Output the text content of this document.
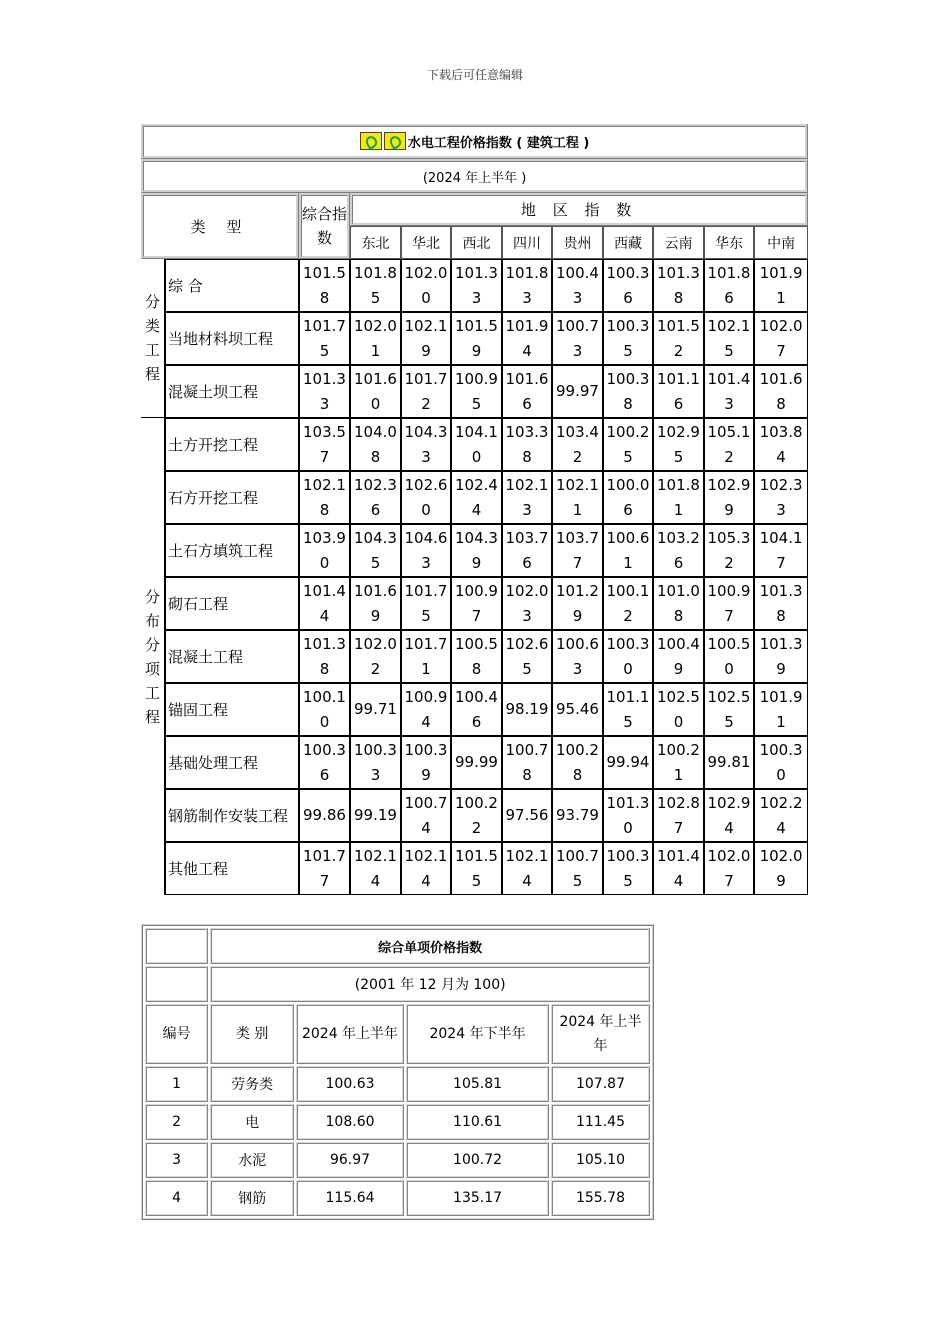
下载后可任意编辑
水电工程价格指数 ( 建筑工程 )											
(2024 年上半年 )											
类 型		综合指数	地 区 指 数								
			东北	华北	西北	四川	贵州	西藏	云南	华东	中南
分类工程	综 合	101.58	101.85	102.00	101.33	101.83	100.43	100.36	101.38	101.86	101.91
	当地材料坝工程	101.75	102.01	102.19	101.59	101.94	100.73	100.35	101.52	102.15	102.07
	混凝土坝工程	101.33	101.60	101.72	100.95	101.66	99.97	100.38	101.16	101.43	101.68
分布分项工程	土方开挖工程	103.57	104.08	104.33	104.10	103.38	103.42	100.25	102.95	105.12	103.84
	石方开挖工程	102.18	102.36	102.60	102.44	102.13	102.11	100.06	101.81	102.99	102.33
	土石方填筑工程	103.90	104.35	104.63	104.39	103.76	103.77	100.61	103.26	105.32	104.17
	砌石工程	101.44	101.69	101.75	100.97	102.03	101.29	100.12	101.08	100.97	101.38
	混凝土工程	101.38	102.02	101.71	100.58	102.65	100.63	100.30	100.49	100.50	101.39
	锚固工程	100.10	99.71	100.94	100.46	98.19	95.46	101.15	102.50	102.55	101.91
	基础处理工程	100.36	100.33	100.39	99.99	100.78	100.28	99.94	100.21	99.81	100.30
	钢筋制作安装工程	99.86	99.19	100.74	100.22	97.56	93.79	101.30	102.87	102.94	102.24
	其他工程	101.77	102.14	102.14	101.55	102.14	100.75	100.35	101.44	102.07	102.09
	综合单项价格指数			
	(2001 年 12 月为 100)			
编号	类 别	2024 年上半年	2024 年下半年	2024 年上半年
1	劳务类	100.63	105.81	107.87
2	电	108.60	110.61	111.45
3	水泥	96.97	100.72	105.10
4	钢筋	115.64	135.17	155.78
